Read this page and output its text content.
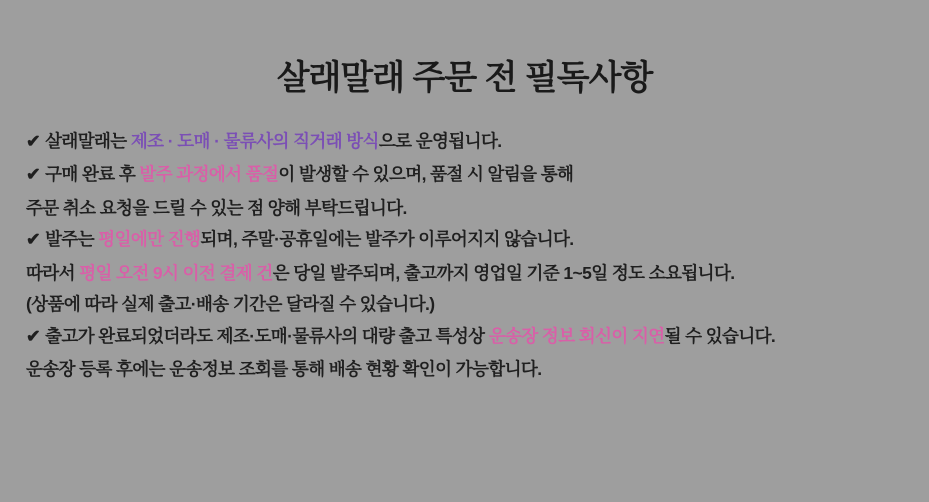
살래말래 주문 전 필독사항

✔ 살래말래는 제조 · 도매 · 물류사의 직거래 방식으로 운영됩니다.

✔ 구매 완료 후 발주 과정에서 품절이 발생할 수 있으며, 품절 시 알림을 통해

주문 취소 요청을 드릴 수 있는 점 양해 부탁드립니다.

✔ 발주는 평일에만 진행되며, 주말·공휴일에는 발주가 이루어지지 않습니다.

따라서 평일 오전 9시 이전 결제 건은 당일 발주되며, 출고까지 영업일 기준 1~5일 정도 소요됩니다.

(상품에 따라 실제 출고·배송 기간은 달라질 수 있습니다.)

✔ 출고가 완료되었더라도 제조·도매·물류사의 대량 출고 특성상 운송장 정보 회신이 지연될 수 있습니다.

운송장 등록 후에는 운송정보 조회를 통해 배송 현황 확인이 가능합니다.
